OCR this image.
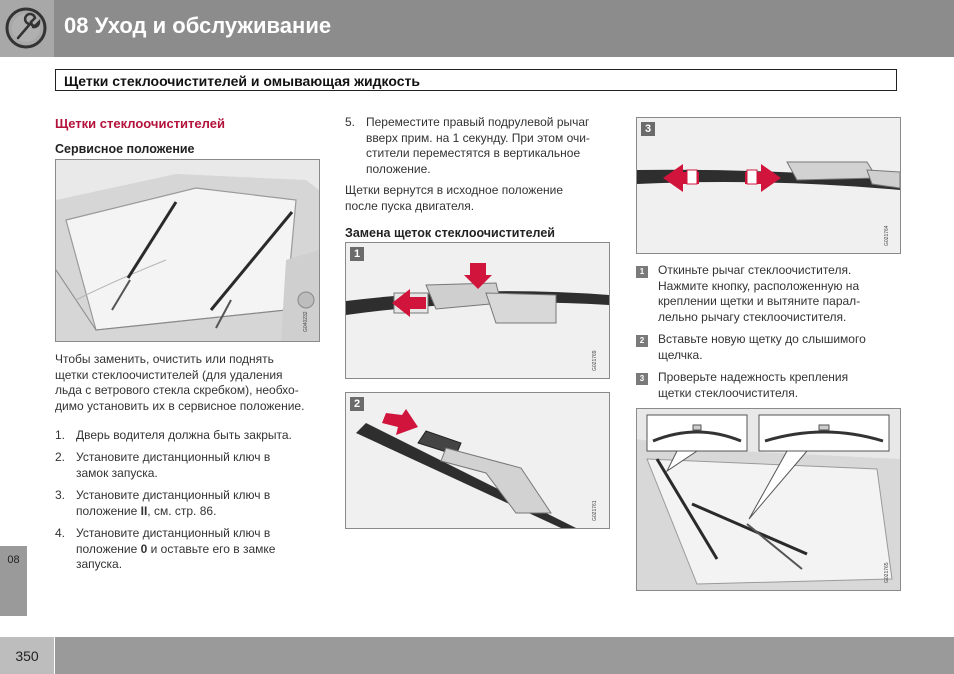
08 Уход и обслуживание
Щетки стеклоочистителей и омывающая жидкость
Щетки стеклоочистителей
Сервисное положение
G040232
Чтобы заменить, очистить или поднять
щетки стеклоочистителей (для удаления
льда с ветрового стекла скребком), необхо-
димо установить их в сервисное положение.
1. Дверь водителя должна быть закрыта.
2. Установите дистанционный ключ в
замок запуска.
3. Установите дистанционный ключ в
положение II, см. стр. 86.
4. Установите дистанционный ключ в
положение 0 и оставьте его в замке
запуска.
5. Переместите правый подрулевой рычаг
вверх прим. на 1 секунду. При этом очи-
стители переместятся в вертикальное
положение.
Щетки вернутся в исходное положение
после пуска двигателя.
Замена щеток стеклоочистителей
1
G021769
2
G021761
3
G021764
1	Откиньте рычаг стеклоочистителя.
Нажмите кнопку, расположенную на
креплении щетки и вытяните парал-
лельно рычагу стеклоочистителя.
2	Вставьте новую щетку до слышимого
щелчка.
3	Проверьте надежность крепления
щетки стеклоочистителя.
G021765
08
350
